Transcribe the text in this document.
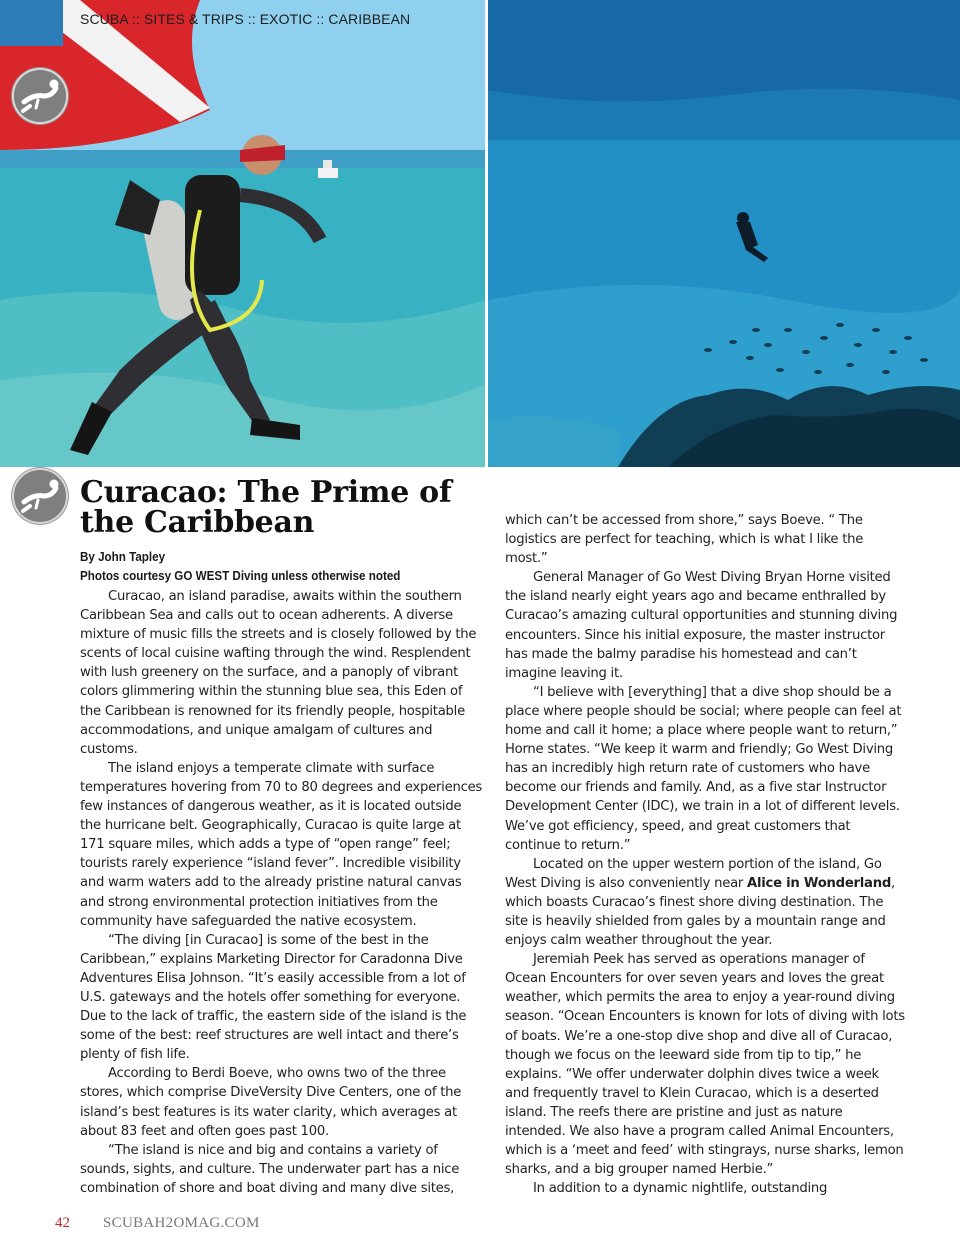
SCUBA :: SITES & TRIPS :: EXOTIC :: CARIBBEAN
Curacao: The Prime of the Caribbean
By John Tapley
Photos courtesy GO WEST Diving unless otherwise noted

Curacao, an island paradise, awaits within the southern Caribbean Sea and calls out to ocean adherents. A diverse mixture of music fills the streets and is closely followed by the scents of local cuisine wafting through the wind. Resplendent with lush greenery on the surface, and a panoply of vibrant colors glimmering within the stunning blue sea, this Eden of the Caribbean is renowned for its friendly people, hospitable accommodations, and unique amalgam of cultures and customs.

The island enjoys a temperate climate with surface temperatures hovering from 70 to 80 degrees and experiences few instances of dangerous weather, as it is located outside the hurricane belt. Geographically, Curacao is quite large at 171 square miles, which adds a type of “open range” feel; tourists rarely experience “island fever”. Incredible visibility and warm waters add to the already pristine natural canvas and strong environmental protection initiatives from the community have safeguarded the native ecosystem.

“The diving [in Curacao] is some of the best in the Caribbean,” explains Marketing Director for Caradonna Dive Adventures Elisa Johnson. “It’s easily accessible from a lot of U.S. gateways and the hotels offer something for everyone. Due to the lack of traffic, the eastern side of the island is the some of the best: reef structures are well intact and there’s plenty of fish life.

According to Berdi Boeve, who owns two of the three stores, which comprise DiveVersity Dive Centers, one of the island’s best features is its water clarity, which averages at about 83 feet and often goes past 100.

“The island is nice and big and contains a variety of sounds, sights, and culture. The underwater part has a nice combination of shore and boat diving and many dive sites,

which can’t be accessed from shore,” says Boeve. “ The logistics are perfect for teaching, which is what I like the most.”

General Manager of Go West Diving Bryan Horne visited the island nearly eight years ago and became enthralled by Curacao’s amazing cultural opportunities and stunning diving encounters. Since his initial exposure, the master instructor has made the balmy paradise his homestead and can’t imagine leaving it.

“I believe with [everything] that a dive shop should be a place where people should be social; where people can feel at home and call it home; a place where people want to return,” Horne states. “We keep it warm and friendly; Go West Diving has an incredibly high return rate of customers who have become our friends and family. And, as a five star Instructor Development Center (IDC), we train in a lot of different levels. We’ve got efficiency, speed, and great customers that continue to return.”

Located on the upper western portion of the island, Go West Diving is also conveniently near Alice in Wonderland, which boasts Curacao’s finest shore diving destination. The site is heavily shielded from gales by a mountain range and enjoys calm weather throughout the year.

Jeremiah Peek has served as operations manager of Ocean Encounters for over seven years and loves the great weather, which permits the area to enjoy a year-round diving season. “Ocean Encounters is known for lots of diving with lots of boats. We’re a one-stop dive shop and dive all of Curacao, though we focus on the leeward side from tip to tip,” he explains. “We offer underwater dolphin dives twice a week and frequently travel to Klein Curacao, which is a deserted island. The reefs there are pristine and just as nature intended. We also have a program called Animal Encounters, which is a ‘meet and feed’ with stingrays, nurse sharks, lemon sharks, and a big grouper named Herbie.”

In addition to a dynamic nightlife, outstanding

42 SCUBAH2OMAG.COM
